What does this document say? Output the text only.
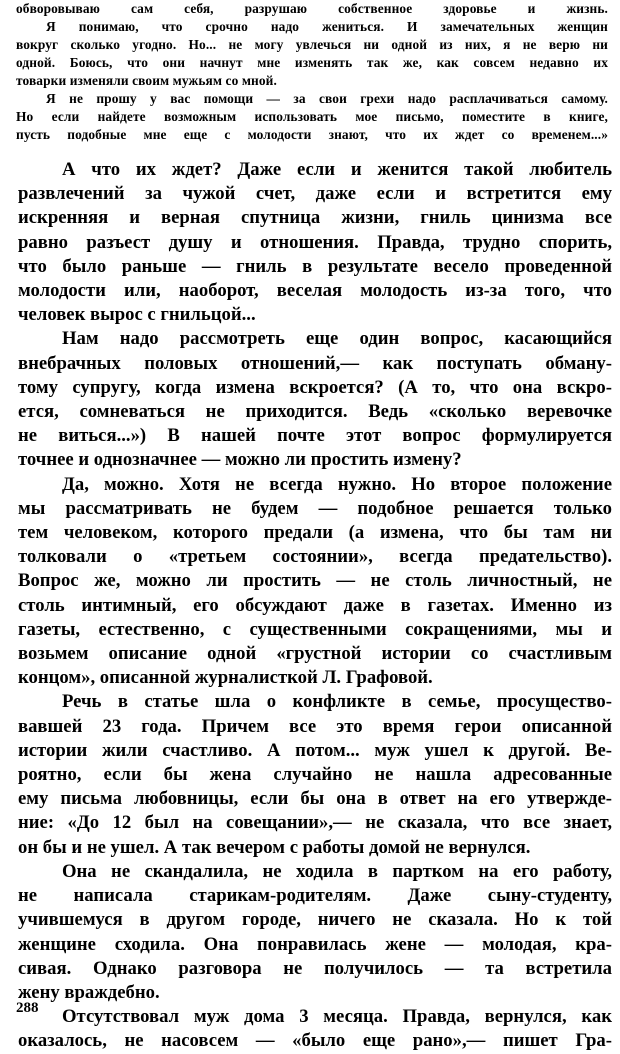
обворовываю сам себя, разрушаю собственное здоровье и жизнь.

Я понимаю, что срочно надо жениться. И замечательных женщин

вокруг сколько угодно. Но... не могу увлечься ни одной из них, я не верю ни

одной. Боюсь, что они начнут мне изменять так же, как совсем недавно их

товарки изменяли своим мужьям со мной.

Я не прошу у вас помощи — за свои грехи надо расплачиваться самому.

Но если найдете возможным использовать мое письмо, поместите в книге,

пусть подобные мне еще с молодости знают, что их ждет со временем...»

А что их ждет? Даже если и женится такой любитель

развлечений за чужой счет, даже если и встретится ему

искренняя и верная спутница жизни, гниль цинизма все

равно разъест душу и отношения. Правда, трудно спорить,

что было раньше — гниль в результате весело проведенной

молодости или, наоборот, веселая молодость из-за того, что

человек вырос с гнильцой...

Нам надо рассмотреть еще один вопрос, касающийся

внебрачных половых отношений,— как поступать обману-

тому супругу, когда измена вскроется? (А то, что она вскро-

ется, сомневаться не приходится. Ведь «сколько веревочке

не виться...») В нашей почте этот вопрос формулируется

точнее и однозначнее — можно ли простить измену?

Да, можно. Хотя не всегда нужно. Но второе положение

мы рассматривать не будем — подобное решается только

тем человеком, которого предали (а измена, что бы там ни

толковали о «третьем состоянии», всегда предательство).

Вопрос же, можно ли простить — не столь личностный, не

столь интимный, его обсуждают даже в газетах. Именно из

газеты, естественно, с существенными сокращениями, мы и

возьмем описание одной «грустной истории со счастливым

концом», описанной журналисткой Л. Графовой.

Речь в статье шла о конфликте в семье, просущество-

вавшей 23 года. Причем все это время герои описанной

истории жили счастливо. А потом... муж ушел к другой. Ве-

роятно, если бы жена случайно не нашла адресованные

ему письма любовницы, если бы она в ответ на его утвержде-

ние: «До 12 был на совещании»,— не сказала, что все знает,

он бы и не ушел. А так вечером с работы домой не вернулся.

Она не скандалила, не ходила в партком на его работу,

не написала старикам-родителям. Даже сыну-студенту,

учившемуся в другом городе, ничего не сказала. Но к той

женщине сходила. Она понравилась жене — молодая, кра-

сивая. Однако разговора не получилось — та встретила

жену враждебно.

Отсутствовал муж дома 3 месяца. Правда, вернулся, как

оказалось, не насовсем — «было еще рано»,— пишет Гра-

288
